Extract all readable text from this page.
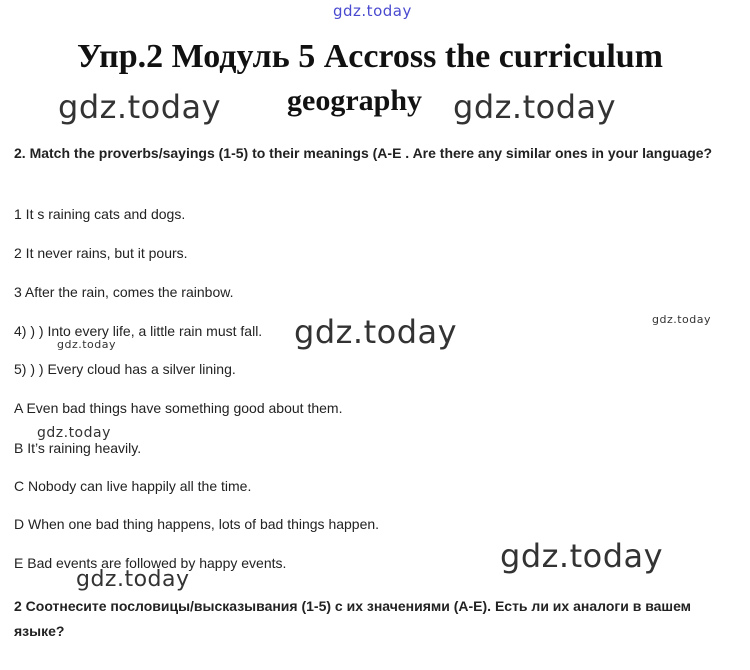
gdz.today
Упр.2 Модуль 5 Accross the curriculum
gdz.today geography gdz.today
2. Match the proverbs/sayings (1-5) to their meanings (A-E . Are there any similar ones in your language?
1 It s raining cats and dogs.
2 It never rains, but it pours.
3 After the rain, comes the rainbow.
4) ) ) Into every life, a little rain must fall. gdz.today	gdz.today
gdz.today
5) ) ) Every cloud has a silver lining.
A Even bad things have something good about them.
gdz.today
B It’s raining heavily.
C Nobody can live happily all the time.
D When one bad thing happens, lots of bad things happen.
gdz.today
E Bad events are followed by happy events.
gdz.today
2 Соотнесите пословицы/высказывания (1-5) с их значениями (А-Е). Есть ли их аналоги в вашем языке?
